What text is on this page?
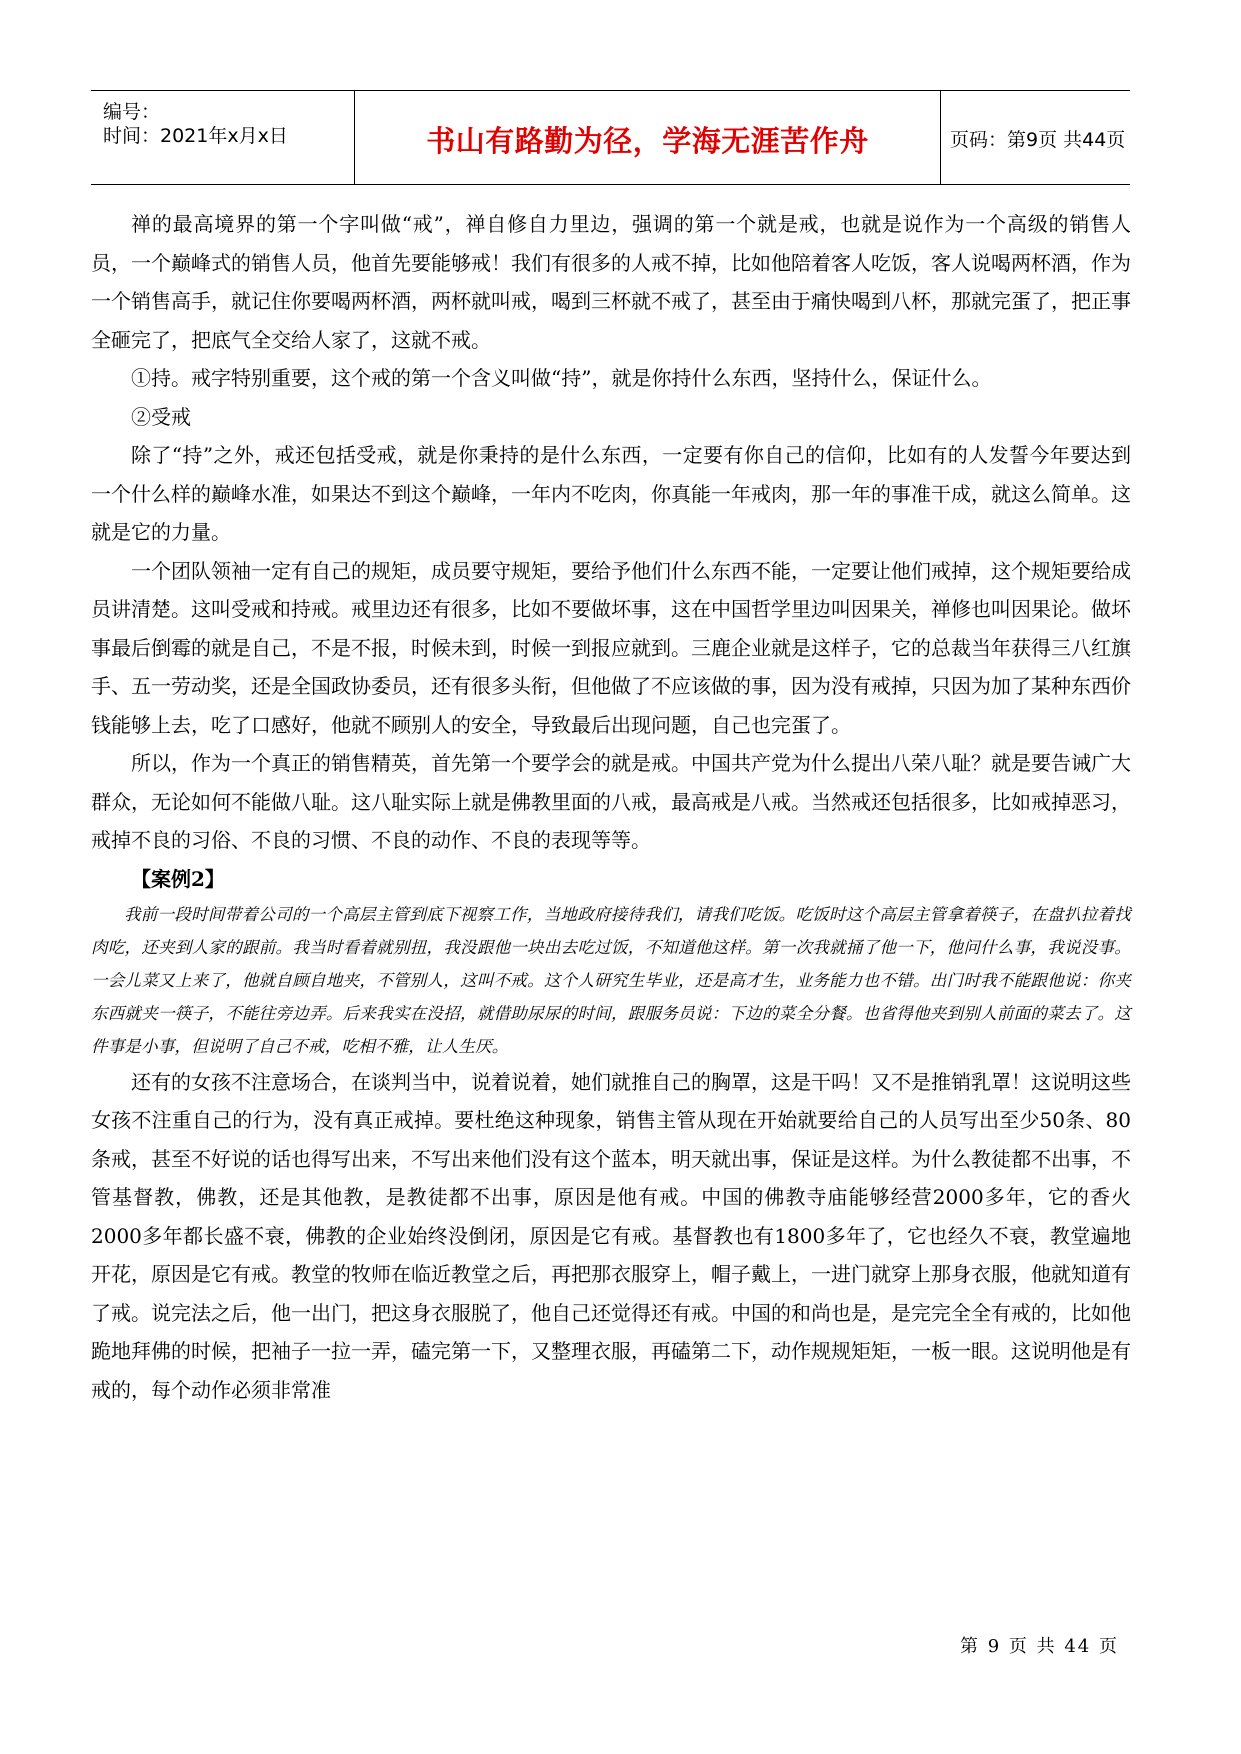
编号：
时间：2021年x月x日	书山有路勤为径，学海无涯苦作舟	页码：第9页 共44页

禅的最高境界的第一个字叫做“戒”，禅自修自力里边，强调的第一个就是戒，也就是说作为一个高级的销售人员，一个巅峰式的销售人员，他首先要能够戒！我们有很多的人戒不掉，比如他陪着客人吃饭，客人说喝两杯酒，作为一个销售高手，就记住你要喝两杯酒，两杯就叫戒，喝到三杯就不戒了，甚至由于痛快喝到八杯，那就完蛋了，把正事全砸完了，把底气全交给人家了，这就不戒。

①持。戒字特别重要，这个戒的第一个含义叫做“持”，就是你持什么东西，坚持什么，保证什么。

②受戒

除了“持”之外，戒还包括受戒，就是你秉持的是什么东西，一定要有你自己的信仰，比如有的人发誓今年要达到一个什么样的巅峰水准，如果达不到这个巅峰，一年内不吃肉，你真能一年戒肉，那一年的事准干成，就这么简单。这就是它的力量。

一个团队领袖一定有自己的规矩，成员要守规矩，要给予他们什么东西不能，一定要让他们戒掉，这个规矩要给成员讲清楚。这叫受戒和持戒。戒里边还有很多，比如不要做坏事，这在中国哲学里边叫因果关，禅修也叫因果论。做坏事最后倒霉的就是自己，不是不报，时候未到，时候一到报应就到。三鹿企业就是这样子，它的总裁当年获得三八红旗手、五一劳动奖，还是全国政协委员，还有很多头衔，但他做了不应该做的事，因为没有戒掉，只因为加了某种东西价钱能够上去，吃了口感好，他就不顾别人的安全，导致最后出现问题，自己也完蛋了。

所以，作为一个真正的销售精英，首先第一个要学会的就是戒。中国共产党为什么提出八荣八耻？就是要告诫广大群众，无论如何不能做八耻。这八耻实际上就是佛教里面的八戒，最高戒是八戒。当然戒还包括很多，比如戒掉恶习，戒掉不良的习俗、不良的习惯、不良的动作、不良的表现等等。

【案例2】

我前一段时间带着公司的一个高层主管到底下视察工作，当地政府接待我们，请我们吃饭。吃饭时这个高层主管拿着筷子，在盘扒拉着找肉吃，还夹到人家的跟前。我当时看着就别扭，我没跟他一块出去吃过饭，不知道他这样。第一次我就捅了他一下，他问什么事，我说没事。一会儿菜又上来了，他就自顾自地夹，不管别人，这叫不戒。这个人研究生毕业，还是高才生，业务能力也不错。出门时我不能跟他说：你夹东西就夹一筷子，不能往旁边弄。后来我实在没招，就借助尿尿的时间，跟服务员说：下边的菜全分餐。也省得他夹到别人前面的菜去了。这件事是小事，但说明了自己不戒，吃相不雅，让人生厌。

还有的女孩不注意场合，在谈判当中，说着说着，她们就推自己的胸罩，这是干吗！又不是推销乳罩！这说明这些女孩不注重自己的行为，没有真正戒掉。要杜绝这种现象，销售主管从现在开始就要给自己的人员写出至少50条、80条戒，甚至不好说的话也得写出来，不写出来他们没有这个蓝本，明天就出事，保证是这样。为什么教徒都不出事，不管基督教，佛教，还是其他教，是教徒都不出事，原因是他有戒。中国的佛教寺庙能够经营2000多年，它的香火2000多年都长盛不衰，佛教的企业始终没倒闭，原因是它有戒。基督教也有1800多年了，它也经久不衰，教堂遍地开花，原因是它有戒。教堂的牧师在临近教堂之后，再把那衣服穿上，帽子戴上，一进门就穿上那身衣服，他就知道有了戒。说完法之后，他一出门，把这身衣服脱了，他自己还觉得还有戒。中国的和尚也是，是完完全全有戒的，比如他跪地拜佛的时候，把袖子一拉一弄，磕完第一下，又整理衣服，再磕第二下，动作规规矩矩，一板一眼。这说明他是有戒的，每个动作必须非常准

第 9 页 共 44 页
